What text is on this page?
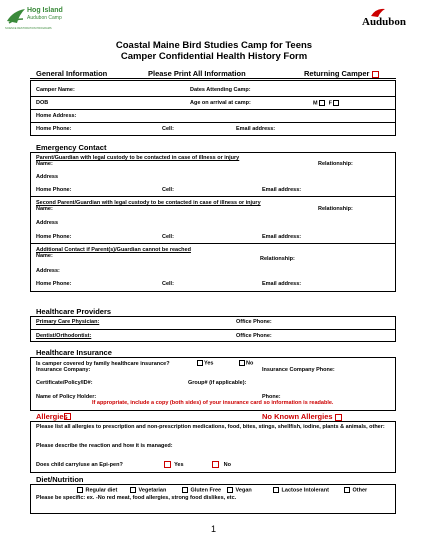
Hog Island
Audubon Camp
SCIENCE RESTORATION PROGRAMS
Audubon
Coastal Maine Bird Studies Camp for Teens
Camper Confidential Health History Form
General Information	Please Print All Information	Returning Camper
Camper Name:	Dates Attending Camp:
DOB	Age on arrival at camp:	M F
Home Address:
Home Phone:	Cell:	Email address:
Emergency Contact
Parent/Guardian with legal custody to be contacted in case of illness or injury
Name:	Relationship:
Address
Home Phone:	Cell:	Email address:
Second Parent/Guardian with legal custody to be contacted in case of illness or injury
Name:	Relationship:
Address
Home Phone:	Cell:	Email address:
Additional Contact if Parent(s)/Guardian cannot be reached
Name:	Relationship:
Address:
Home Phone:	Cell:	Email address:
Healthcare Providers
Primary Care Physician:	Office Phone:
Dentist/Orthodontist:	Office Phone:
Healthcare Insurance
Is camper covered by family healthcare insurance?	Yes	No
Insurance Company:	Insurance Company Phone:
Certificate/Policy/ID#:	Group# (if applicable):
Name of Policy Holder:	Phone:
If appropriate, include a copy (both sides) of your insurance card so information is readable.
Allergies	No Known Allergies
Please list all allergies to prescription and non-prescription medications, food, bites, stings, shellfish, iodine, plants & animals, other:
Please describe the reaction and how it is managed:
Does child carry/use an Epi-pen?	Yes	No
Diet/Nutrition
Regular diet	Vegetarian	Gluten Free	Vegan	Lactose Intolerant	Other
Please be specific: ex. -No red meat, food allergies, strong food dislikes, etc.
1
